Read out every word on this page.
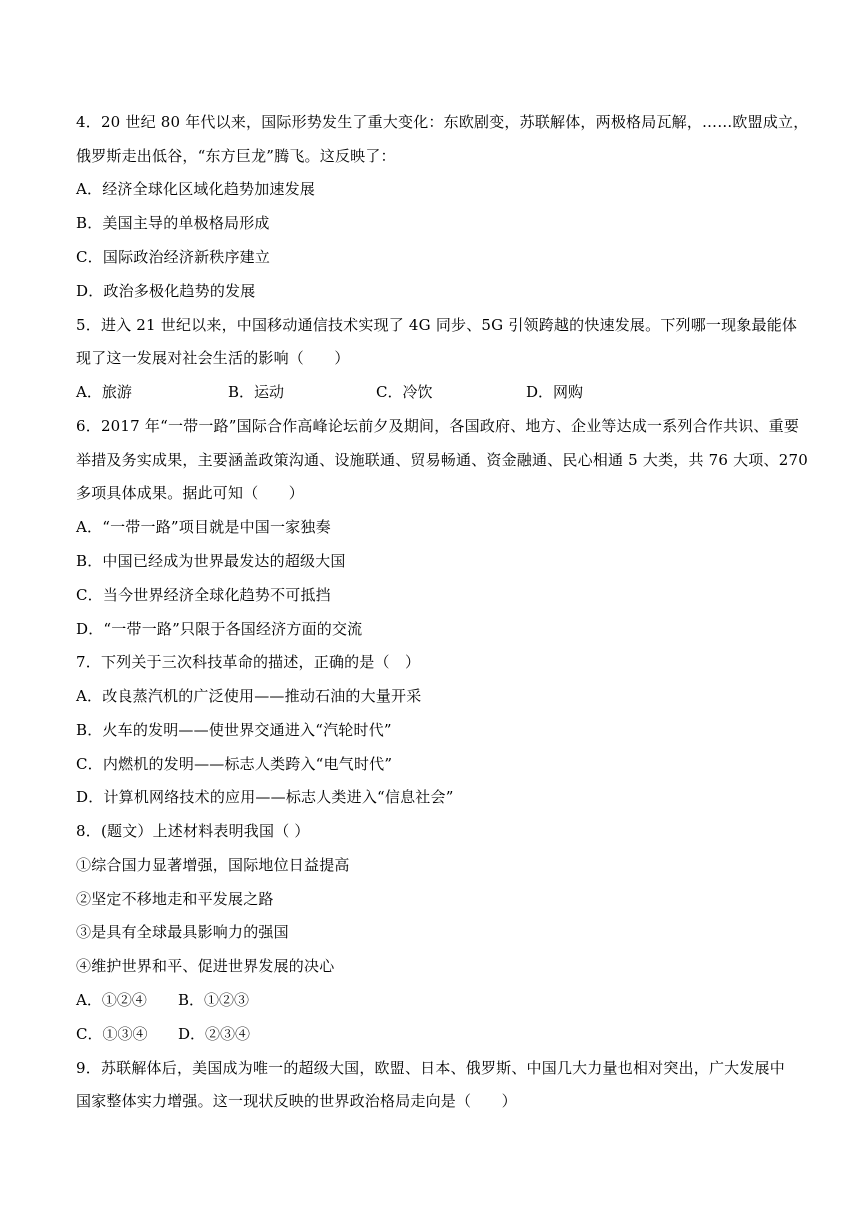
4．20 世纪 80 年代以来，国际形势发生了重大变化：东欧剧变，苏联解体，两极格局瓦解，……欧盟成立，
俄罗斯走出低谷，“东方巨龙”腾飞。这反映了：
A．经济全球化区域化趋势加速发展
B．美国主导的单极格局形成
C．国际政治经济新秩序建立
D．政治多极化趋势的发展
5．进入 21 世纪以来，中国移动通信技术实现了 4G 同步、5G 引领跨越的快速发展。下列哪一现象最能体
现了这一发展对社会生活的影响（　　）
A．旅游	B．运动	C．冷饮	D．网购
6．2017 年“一带一路”国际合作高峰论坛前夕及期间，各国政府、地方、企业等达成一系列合作共识、重要
举措及务实成果，主要涵盖政策沟通、设施联通、贸易畅通、资金融通、民心相通 5 大类，共 76 大项、270
多项具体成果。据此可知（　　）
A．“一带一路”项目就是中国一家独奏
B．中国已经成为世界最发达的超级大国
C．当今世界经济全球化趋势不可抵挡
D．“一带一路”只限于各国经济方面的交流
7．下列关于三次科技革命的描述，正确的是（　）
A．改良蒸汽机的广泛使用——推动石油的大量开采
B．火车的发明——使世界交通进入“汽轮时代”
C．内燃机的发明——标志人类跨入“电气时代”
D．计算机网络技术的应用——标志人类进入“信息社会”
8．(题文）上述材料表明我国（ ）
①综合国力显著增强，国际地位日益提高
②坚定不移地走和平发展之路
③是具有全球最具影响力的强国
④维护世界和平、促进世界发展的决心
A．①②④ B．①②③
C．①③④ D．②③④
9．苏联解体后，美国成为唯一的超级大国，欧盟、日本、俄罗斯、中国几大力量也相对突出，广大发展中
国家整体实力增强。这一现状反映的世界政治格局走向是（　　）
